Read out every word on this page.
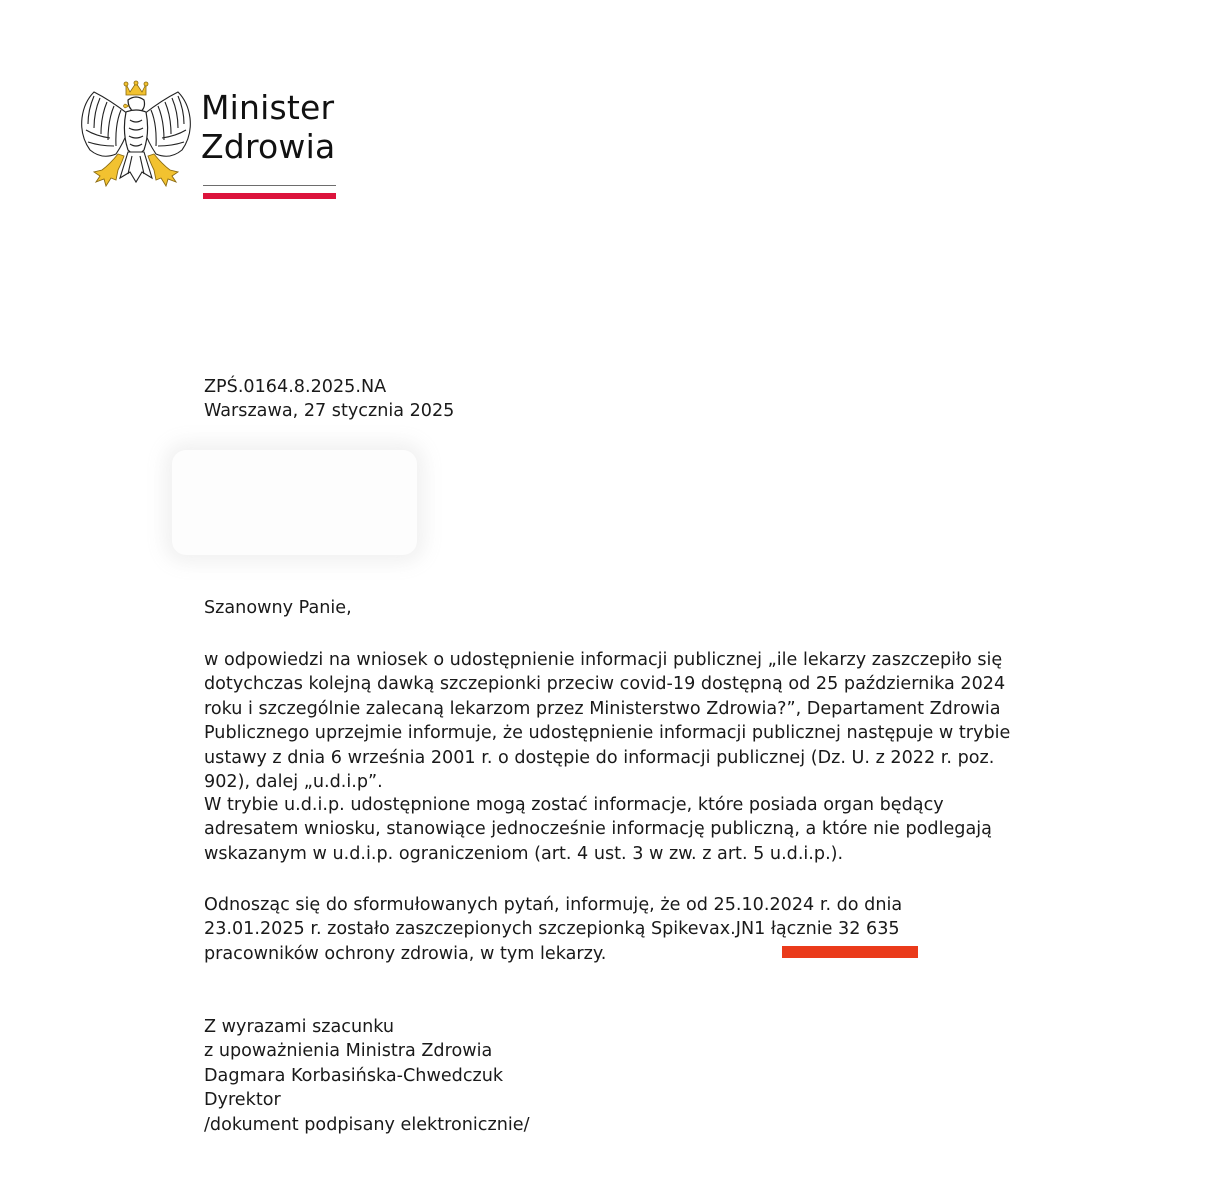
Minister
Zdrowia
ZPŚ.0164.8.2025.NA
Warszawa, 27 stycznia 2025
Szanowny Panie,
w odpowiedzi na wniosek o udostępnienie informacji publicznej „ile lekarzy zaszczepiło się
dotychczas kolejną dawką szczepionki przeciw covid-19 dostępną od 25 października 2024
roku i szczególnie zalecaną lekarzom przez Ministerstwo Zdrowia?”, Departament Zdrowia
Publicznego uprzejmie informuje, że udostępnienie informacji publicznej następuje w trybie
ustawy z dnia 6 września 2001 r. o dostępie do informacji publicznej (Dz. U. z 2022 r. poz.
902), dalej „u.d.i.p”.
W trybie u.d.i.p. udostępnione mogą zostać informacje, które posiada organ będący
adresatem wniosku, stanowiące jednocześnie informację publiczną, a które nie podlegają
wskazanym w u.d.i.p. ograniczeniom (art. 4 ust. 3 w zw. z art. 5 u.d.i.p.).
Odnosząc się do sformułowanych pytań, informuję, że od 25.10.2024 r. do dnia
23.01.2025 r. zostało zaszczepionych szczepionką Spikevax.JN1 łącznie 32 635
pracowników ochrony zdrowia, w tym lekarzy.
Z wyrazami szacunku
z upoważnienia Ministra Zdrowia
Dagmara Korbasińska-Chwedczuk
Dyrektor
/dokument podpisany elektronicznie/
